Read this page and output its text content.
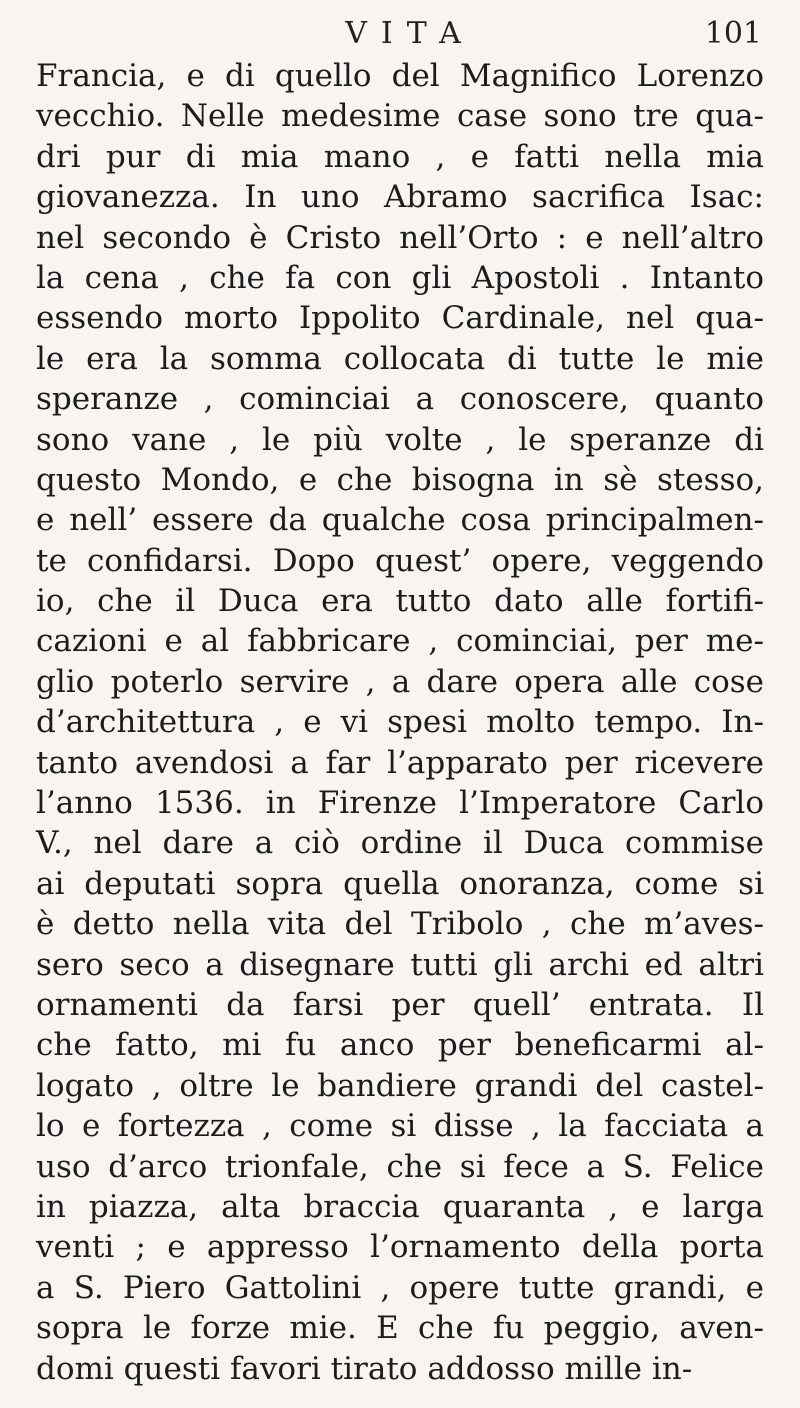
VITA	101
Francia, e di quello del Magnifico Lorenzo
vecchio. Nelle medesime case sono tre qua-
dri pur di mia mano , e fatti nella mia
giovanezza. In uno Abramo sacrifica Isac:
nel secondo è Cristo nell’Orto : e nell’altro
la cena , che fa con gli Apostoli . Intanto
essendo morto Ippolito Cardinale, nel qua-
le era la somma collocata di tutte le mie
speranze , cominciai a conoscere, quanto
sono vane , le più volte , le speranze di
questo Mondo, e che bisogna in sè stesso,
e nell’ essere da qualche cosa principalmen-
te confidarsi. Dopo quest’ opere, veggendo
io, che il Duca era tutto dato alle fortifi-
cazioni e al fabbricare , cominciai, per me-
glio poterlo servire , a dare opera alle cose
d’architettura , e vi spesi molto tempo. In-
tanto avendosi a far l’apparato per ricevere
l’anno 1536. in Firenze l’Imperatore Carlo
V., nel dare a ciò ordine il Duca commise
ai deputati sopra quella onoranza, come si
è detto nella vita del Tribolo , che m’aves-
sero seco a disegnare tutti gli archi ed altri
ornamenti da farsi per quell’ entrata. Il
che fatto, mi fu anco per beneficarmi al-
logato , oltre le bandiere grandi del castel-
lo e fortezza , come si disse , la facciata a
uso d’arco trionfale, che si fece a S. Felice
in piazza, alta braccia quaranta , e larga
venti ; e appresso l’ornamento della porta
a S. Piero Gattolini , opere tutte grandi, e
sopra le forze mie. E che fu peggio, aven-
domi questi favori tirato addosso mille in-
